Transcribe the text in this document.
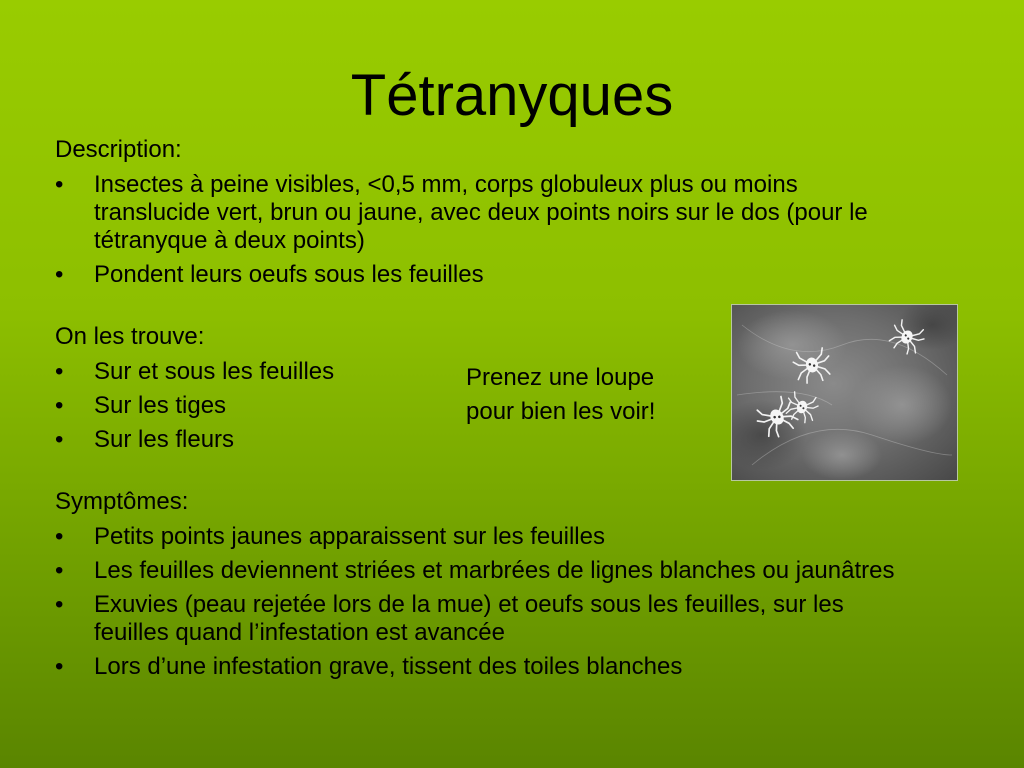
Tétranyques
Description:
•	Insectes à peine visibles, <0,5 mm, corps globuleux plus ou moins translucide vert, brun ou jaune, avec deux points noirs sur le dos (pour le tétranyque à deux points)
•	Pondent leurs oeufs sous les feuilles
On les trouve:
•	Sur et sous les feuilles
•	Sur les tiges
•	Sur les fleurs
Symptômes:
•	Petits points jaunes apparaissent sur les feuilles
•	Les feuilles deviennent striées et marbrées de lignes blanches ou jaunâtres
•	Exuvies (peau rejetée lors de la mue) et oeufs sous les feuilles, sur les feuilles quand l’infestation est avancée
•	Lors d’une infestation grave, tissent des toiles blanches
Prenez une loupe
pour bien les voir!
